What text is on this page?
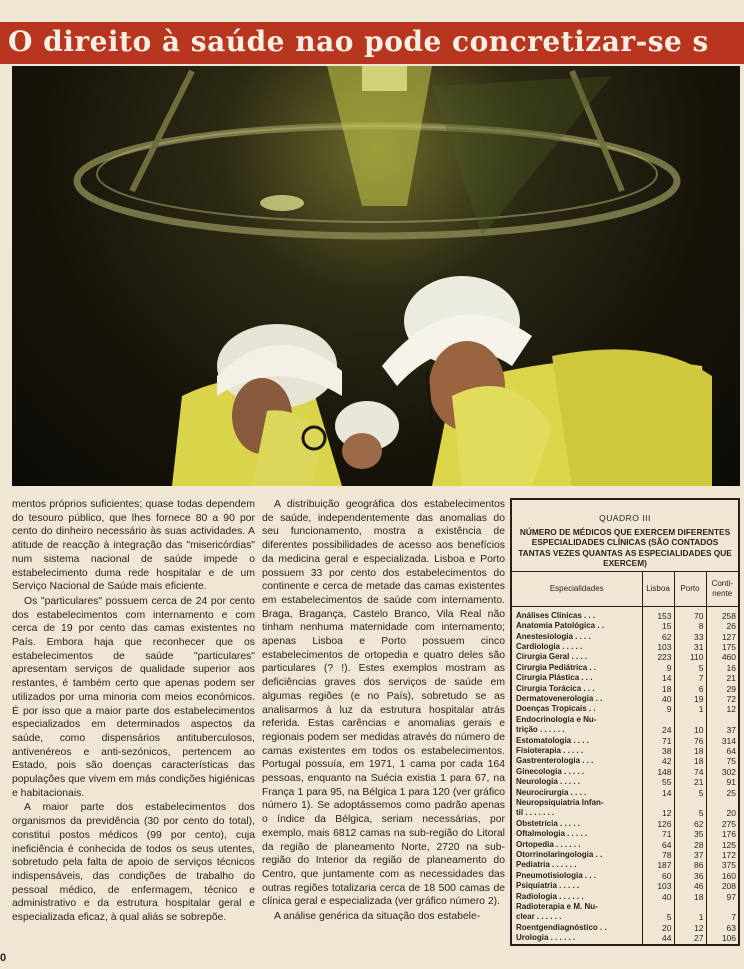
O direito à saúde nao pode concretizar-se s

mentos próprios suficientes; quase todas dependem do tesouro público, que lhes fornece 80 a 90 por cento do dinheiro necessário às suas actividades. A atitude de reacção à integração das "misericórdias" num sistema nacional de saúde impede o estabelecimento duma rede hospitalar e de um Serviço Nacional de Saúde mais eficiente.

Os "particulares" possuem cerca de 24 por cento dos estabelecimentos com internamento e com cerca de 19 por cento das camas existentes no País. Embora haja que reconhecer que os estabelecimentos de saúde "particulares" apresentam serviços de qualidade superior aos restantes, é também certo que apenas podem ser utilizados por uma minoria com meios económicos. É por isso que a maior parte dos estabelecimentos especializados em determinados aspectos da saúde, como dispensários antituberculosos, antivenéreos e anti-sezónicos, pertencem ao Estado, pois são doenças características das populações que vivem em más condições higiénicas e habitacionais.

A maior parte dos estabelecimentos dos organismos da previdência (30 por cento do total), constitui postos médicos (99 por cento), cuja ineficiência é conhecida de todos os seus utentes, sobretudo pela falta de apoio de serviços técnicos indispensáveis, das condições de trabalho do pessoal médico, de enfermagem, técnico e administrativo e da estrutura hospitalar geral e especializada eficaz, à qual aliás se sobrepõe.

A distribuição geográfica dos estabelecimentos de saúde, independentemente das anomalias do seu funcionamento, mostra a existência de diferentes possibilidades de acesso aos benefícios da medicina geral e especializada. Lisboa e Porto possuem 33 por cento dos estabelecimentos do continente e cerca de metade das camas existentes em estabelecimentos de saúde com internamento. Braga, Bragança, Castelo Branco, Vila Real não tinham nenhuma maternidade com internamento; apenas Lisboa e Porto possuem cinco estabelecimentos de ortopedia e quatro deles são particulares (? !). Estes exemplos mostram as deficiências graves dos serviços de saúde em algumas regiões (e no País), sobretudo se as analisarmos à luz da estrutura hospitalar atrás referida. Estas carências e anomalias gerais e regionais podem ser medidas através do número de camas existentes em todos os estabelecimentos. Portugal possuía, em 1971, 1 cama por cada 164 pessoas, enquanto na Suécia existia 1 para 67, na França 1 para 95, na Bélgica 1 para 120 (ver gráfico número 1). Se adoptássemos como padrão apenas o índice da Bélgica, seriam necessárias, por exemplo, mais 6812 camas na sub-região do Litoral da região de planeamento Norte, 2720 na sub-região do Interior da região de planeamento do Centro, que juntamente com as necessidades das outras regiões totalizaria cerca de 18 500 camas de clínica geral e especializada (ver gráfico número 2).

A análise genérica da situação dos estabele-

QUADRO III
NÚMERO DE MÉDICOS QUE EXERCEM DIFERENTES ESPECIALIDADES CLÍNICAS (SÃO CONTADOS TANTAS VEZES QUANTAS AS ESPECIALIDADES QUE EXERCEM)
Especialidades	Lisboa	Porto	Conti-nente
Análises Clínicas . . .	153	70	258
Anatomia Patológica . .	15	8	26
Anestesiologia . . . .	62	33	127
Cardiologia . . . . .	103	31	175
Cirurgia Geral . . . .	223	110	460
Cirurgia Pediátrica . .	9	5	16
Cirurgia Plástica . . .	14	7	21
Cirurgia Torácica . . .	18	6	29
Dermatovenerologia . .	40	19	72
Doenças Tropicais . .	9	1	12
Endocrinologia e Nu-			
trição . . . . . .	24	10	37
Estomatologia . . . .	71	76	314
Fisioterapia . . . . .	38	18	64
Gastrenterologia . . .	42	18	75
Ginecologia . . . . .	148	74	302
Neurologia . . . . .	55	21	91
Neurocirurgia . . . .	14	5	25
Neuropsiquiatria Infan-			
til . . . . . . .	12	5	20
Obstetrícia . . . . .	126	62	275
Oftalmologia . . . . .	71	35	176
Ortopedia . . . . . .	64	28	125
Otorrinolaringologia . .	78	37	172
Pediatria . . . . . .	187	86	375
Pneumotisiologia . . .	60	36	160
Psiquiatria . . . . .	103	46	208
Radiologia . . . . . .	40	18	97
Radioterapia e M. Nu-			
clear . . . . . .	5	1	7
Roentgendiagnóstico . .	20	12	63
Urologia . . . . . .	44	27	106
0
